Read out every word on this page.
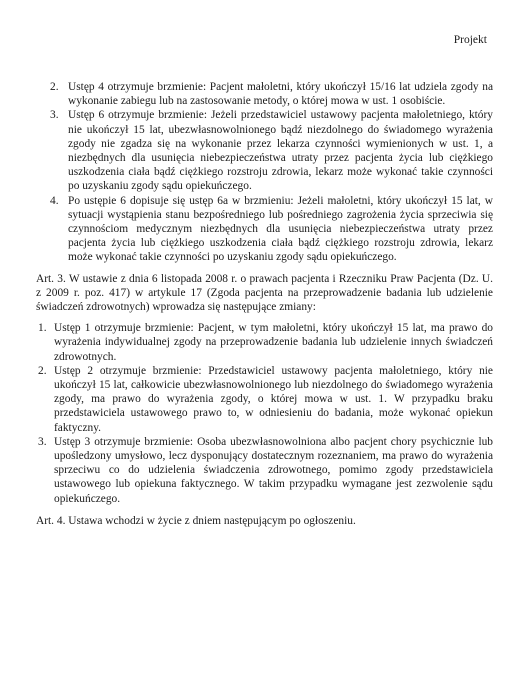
Projekt
2. Ustęp 4 otrzymuje brzmienie: Pacjent małoletni, który ukończył 15/16 lat udziela zgody na wykonanie zabiegu lub na zastosowanie metody, o której mowa w ust. 1 osobiście.
3. Ustęp 6 otrzymuje brzmienie: Jeżeli przedstawiciel ustawowy pacjenta małoletniego, który nie ukończył 15 lat, ubezwłasnowolnionego bądź niezdolnego do świadomego wyrażenia zgody nie zgadza się na wykonanie przez lekarza czynności wymienionych w ust. 1, a niezbędnych dla usunięcia niebezpieczeństwa utraty przez pacjenta życia lub ciężkiego uszkodzenia ciała bądź ciężkiego rozstroju zdrowia, lekarz może wykonać takie czynności po uzyskaniu zgody sądu opiekuńczego.
4. Po ustępie 6 dopisuje się ustęp 6a w brzmieniu: Jeżeli małoletni, który ukończył 15 lat, w sytuacji wystąpienia stanu bezpośredniego lub pośredniego zagrożenia życia sprzeciwia się czynnościom medycznym niezbędnych dla usunięcia niebezpieczeństwa utraty przez pacjenta życia lub ciężkiego uszkodzenia ciała bądź ciężkiego rozstroju zdrowia, lekarz może wykonać takie czynności po uzyskaniu zgody sądu opiekuńczego.

Art. 3. W ustawie z dnia 6 listopada 2008 r. o prawach pacjenta i Rzeczniku Praw Pacjenta (Dz. U. z 2009 r. poz. 417) w artykule 17 (Zgoda pacjenta na przeprowadzenie badania lub udzielenie świadczeń zdrowotnych) wprowadza się następujące zmiany:

1. Ustęp 1 otrzymuje brzmienie: Pacjent, w tym małoletni, który ukończył 15 lat, ma prawo do wyrażenia indywidualnej zgody na przeprowadzenie badania lub udzielenie innych świadczeń zdrowotnych.
2. Ustęp 2 otrzymuje brzmienie: Przedstawiciel ustawowy pacjenta małoletniego, który nie ukończył 15 lat, całkowicie ubezwłasnowolnionego lub niezdolnego do świadomego wyrażenia zgody, ma prawo do wyrażenia zgody, o której mowa w ust. 1. W przypadku braku przedstawiciela ustawowego prawo to, w odniesieniu do badania, może wykonać opiekun faktyczny.
3. Ustęp 3 otrzymuje brzmienie: Osoba ubezwłasnowolniona albo pacjent chory psychicznie lub upośledzony umysłowo, lecz dysponujący dostatecznym rozeznaniem, ma prawo do wyrażenia sprzeciwu co do udzielenia świadczenia zdrowotnego, pomimo zgody przedstawiciela ustawowego lub opiekuna faktycznego. W takim przypadku wymagane jest zezwolenie sądu opiekuńczego.

Art. 4. Ustawa wchodzi w życie z dniem następującym po ogłoszeniu.
